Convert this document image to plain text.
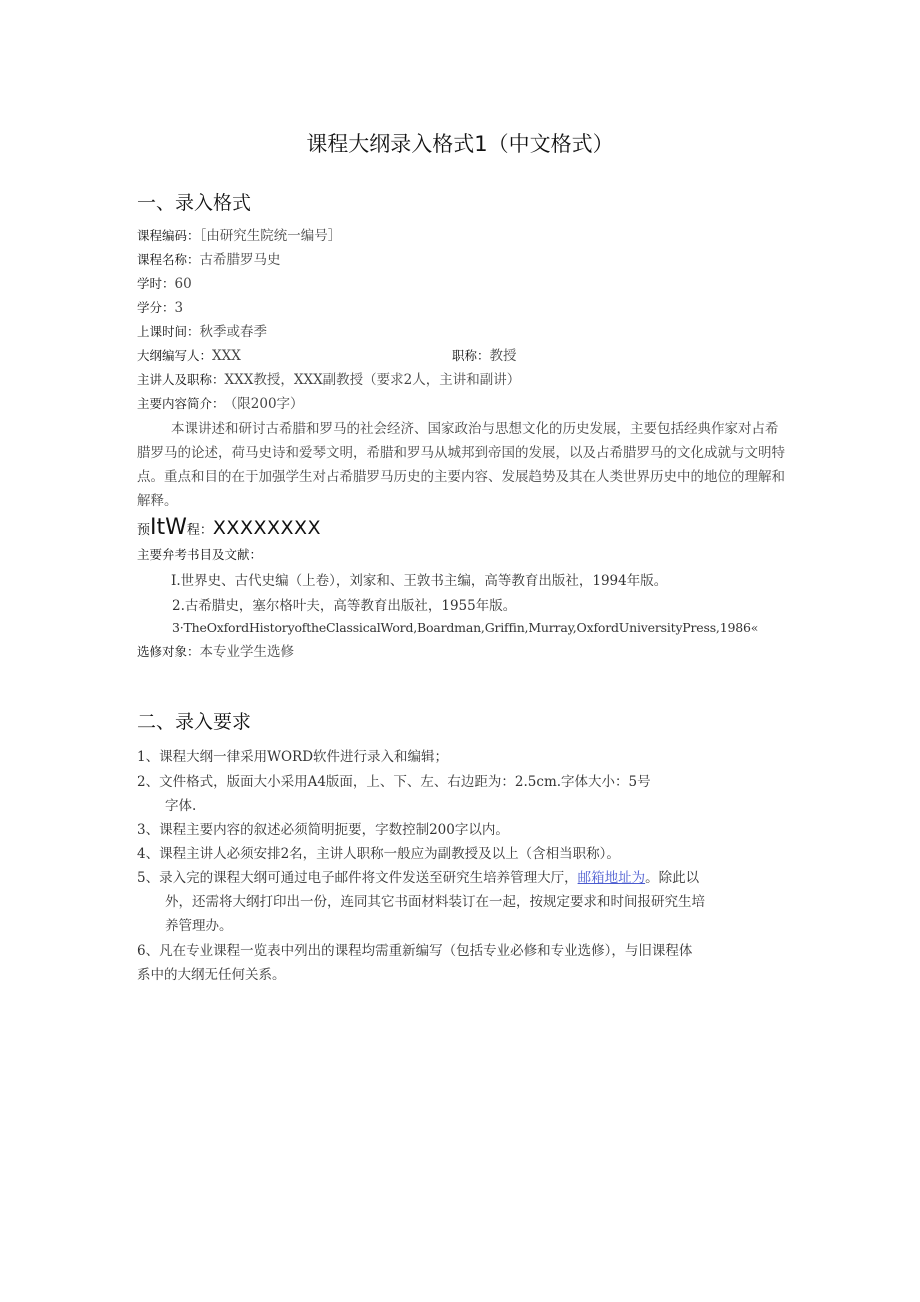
课程大纲录入格式1（中文格式）
一、录入格式
课程编码：［由研究生院统一编号］
课程名称：古希腊罗马史
学时：60
学分：3
上课时间：秋季或春季
大纲编写人：XXX	职称：教授
主讲人及职称：XXX教授，XXX副教授（要求2人，主讲和副讲）
主要内容简介： （限200字）
本课讲述和研讨古希腊和罗马的社会经济、国家政治与思想文化的历史发展，主要包括经典作家对占希腊罗马的论述，荷马史诗和爱琴文明，希腊和罗马从城邦到帝国的发展，以及占希腊罗马的文化成就与文明特点。重点和目的在于加强学生对占希腊罗马历史的主要内容、发展趋势及其在人类世界历史中的地位的理解和解释。
预ItW程：XXXXXXXX
主要弁考书目及文献：
I.世界史、古代史编（上卷），刘家和、王敦书主编，高等教育出版社，1994年版。
2.古希腊史，塞尔格叶夫，高等教育出版社，1955年版。
3·TheOxfordHistoryoftheClassicalWord,Boardman,Griffin,Murray,OxfordUniversityPress,1986«
选修对象：本专业学生选修
二、录入要求
1、课程大纲一律采用WORD软件进行录入和编辑；
2、文件格式，版面大小采用A4版面，上、下、左、右边距为：2.5cm.字体大小：5号
字体.
3、课程主要内容的叙述必须简明扼要，字数控制200字以内。
4、课程主讲人必须安排2名，主讲人职称一般应为副教授及以上（含相当职称）。
5、录入完的课程大纲可通过电子邮件将文件发送至研究生培养管理大厅，邮箱地址为。除此以
外，还需将大纲打印出一份，连同其它书面材料装订在一起，按规定要求和时间报研究生培
养管理办。
6、凡在专业课程一览表中列出的课程均需重新编写（包括专业必修和专业选修），与旧课程体
系中的大纲无任何关系。
